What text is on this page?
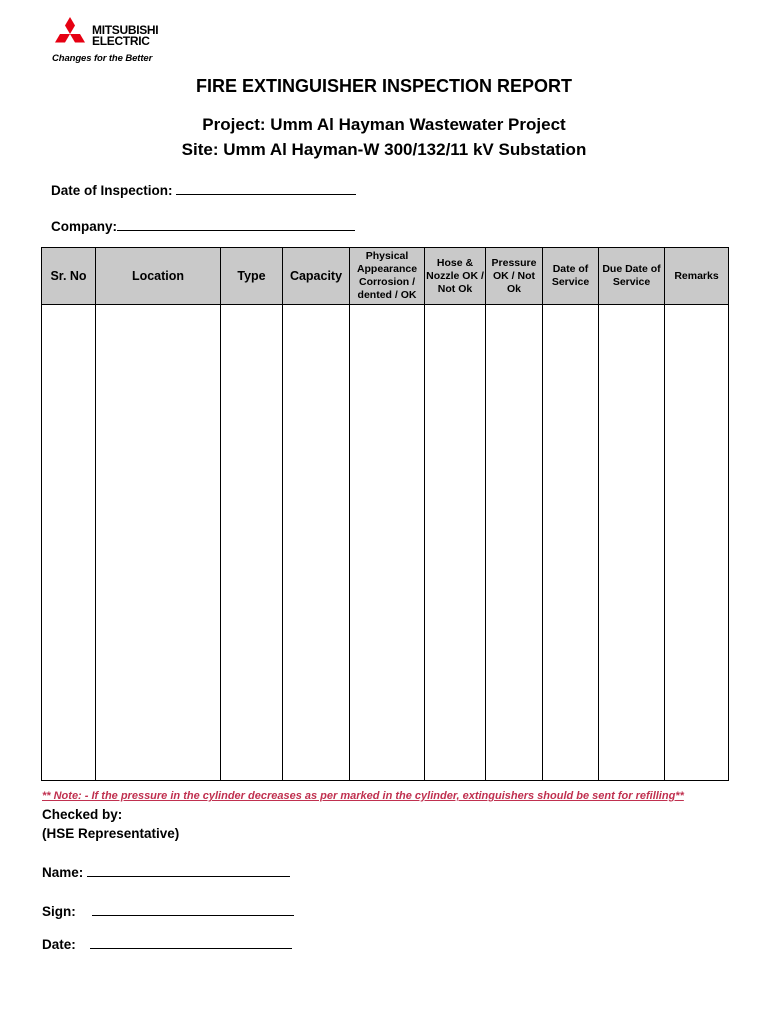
MITSUBISHI
ELECTRIC
Changes for the Better
FIRE EXTINGUISHER INSPECTION REPORT
Project: Umm Al Hayman Wastewater Project
Site: Umm Al Hayman-W 300/132/11 kV Substation
Date of Inspection:
Company:
Sr. No	Location	Type	Capacity	Physical Appearance Corrosion / dented / OK	Hose & Nozzle OK / Not Ok	Pressure OK / Not Ok	Date of Service	Due Date of Service	Remarks

** Note: - If the pressure in the cylinder decreases as per marked in the cylinder, extinguishers should be sent for refilling**
Checked by:
(HSE Representative)
Name:
Sign:
Date:
